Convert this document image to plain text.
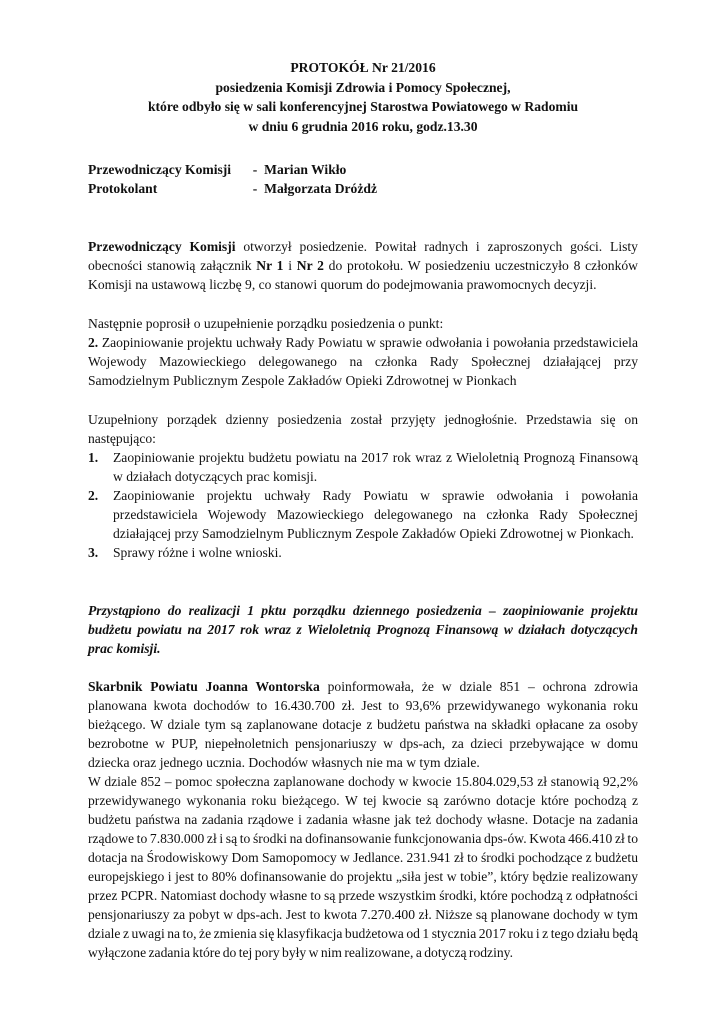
PROTOKÓŁ Nr 21/2016
posiedzenia Komisji Zdrowia i Pomocy Społecznej,
które odbyło się w sali konferencyjnej Starostwa Powiatowego w Radomiu
w dniu 6 grudnia 2016 roku, godz.13.30
Przewodniczący Komisji	- Marian Wikło
Protokolant	- Małgorzata Dróżdż

Przewodniczący Komisji otworzył posiedzenie. Powitał radnych i zaproszonych gości. Listy obecności stanowią załącznik Nr 1 i Nr 2 do protokołu. W posiedzeniu uczestniczyło 8 członków Komisji na ustawową liczbę 9, co stanowi quorum do podejmowania prawomocnych decyzji.

Następnie poprosił o uzupełnienie porządku posiedzenia o punkt:

2. Zaopiniowanie projektu uchwały Rady Powiatu w sprawie odwołania i powołania przedstawiciela Wojewody Mazowieckiego delegowanego na członka Rady Społecznej działającej przy Samodzielnym Publicznym Zespole Zakładów Opieki Zdrowotnej w Pionkach

Uzupełniony porządek dzienny posiedzenia został przyjęty jednogłośnie. Przedstawia się on następująco:

1.	Zaopiniowanie projektu budżetu powiatu na 2017 rok wraz z Wieloletnią Prognozą Finansową w działach dotyczących prac komisji.
2.	Zaopiniowanie projektu uchwały Rady Powiatu w sprawie odwołania i powołania przedstawiciela Wojewody Mazowieckiego delegowanego na członka Rady Społecznej działającej przy Samodzielnym Publicznym Zespole Zakładów Opieki Zdrowotnej w Pionkach.
3.	Sprawy różne i wolne wnioski.

Przystąpiono do realizacji 1 pktu porządku dziennego posiedzenia – zaopiniowanie projektu budżetu powiatu na 2017 rok wraz z Wieloletnią Prognozą Finansową w działach dotyczących prac komisji.

Skarbnik Powiatu Joanna Wontorska poinformowała, że w dziale 851 – ochrona zdrowia planowana kwota dochodów to 16.430.700 zł. Jest to 93,6% przewidywanego wykonania roku bieżącego. W dziale tym są zaplanowane dotacje z budżetu państwa na składki opłacane za osoby bezrobotne w PUP, niepełnoletnich pensjonariuszy w dps-ach, za dzieci przebywające w domu dziecka oraz jednego ucznia. Dochodów własnych nie ma w tym dziale.

W dziale 852 – pomoc społeczna zaplanowane dochody w kwocie 15.804.029,53 zł stanowią 92,2% przewidywanego wykonania roku bieżącego. W tej kwocie są zarówno dotacje które pochodzą z budżetu państwa na zadania rządowe i zadania własne jak też dochody własne. Dotacje na zadania rządowe to 7.830.000 zł i są to środki na dofinansowanie funkcjonowania dps-ów. Kwota 466.410 zł to dotacja na Środowiskowy Dom Samopomocy w Jedlance. 231.941 zł to środki pochodzące z budżetu europejskiego i jest to 80% dofinansowanie do projektu „siła jest w tobie”, który będzie realizowany przez PCPR. Natomiast dochody własne to są przede wszystkim środki, które pochodzą z odpłatności pensjonariuszy za pobyt w dps-ach. Jest to kwota 7.270.400 zł. Niższe są planowane dochody w tym dziale z uwagi na to, że zmienia się klasyfikacja budżetowa od 1 stycznia 2017 roku i z tego działu będą wyłączone zadania które do tej pory były w nim realizowane, a dotyczą rodziny.
